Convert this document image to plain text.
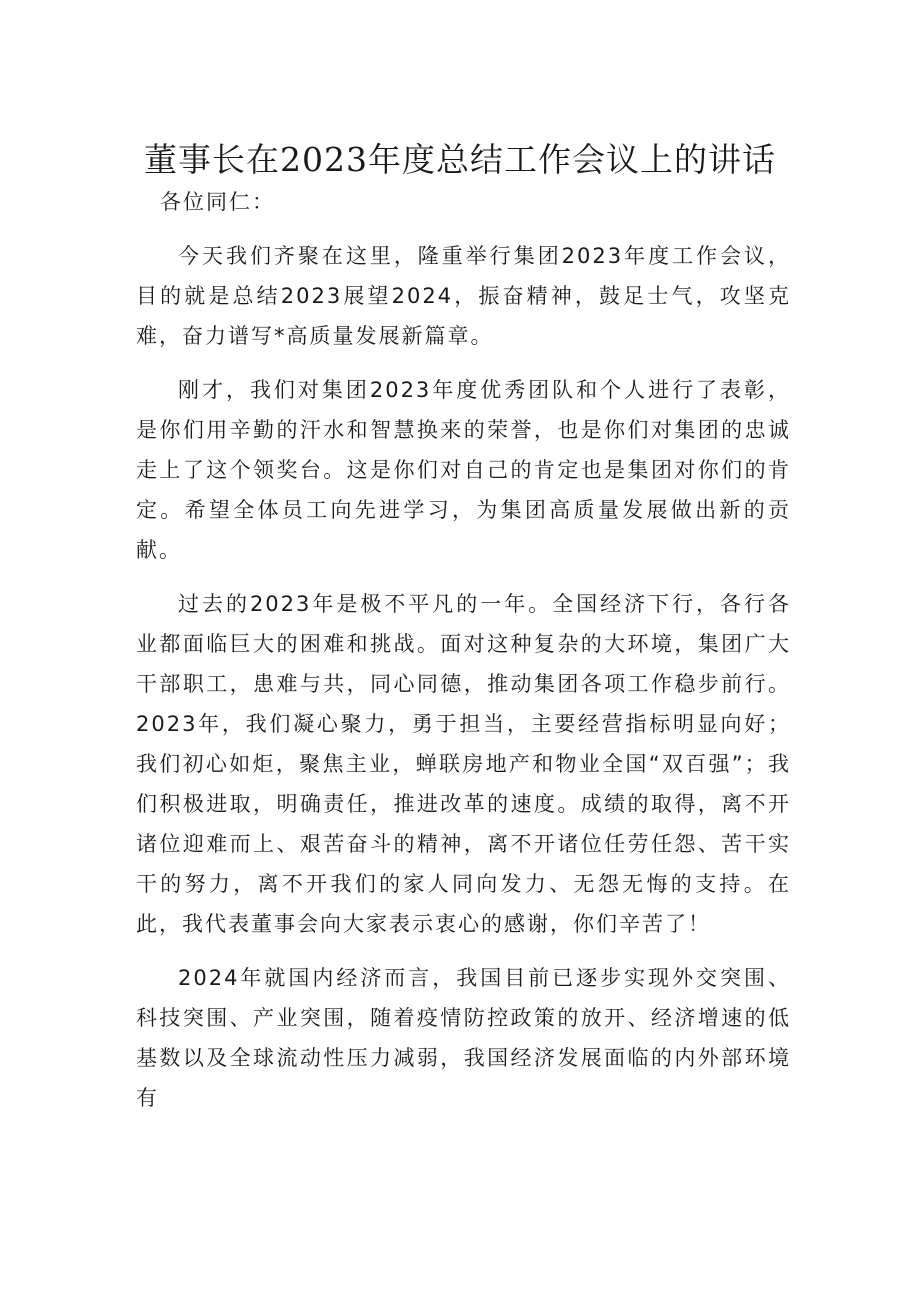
董事长在2023年度总结工作会议上的讲话

各位同仁：

今天我们齐聚在这里，隆重举行集团2023年度工作会议，目的就是总结2023展望2024，振奋精神，鼓足士气，攻坚克难，奋力谱写*高质量发展新篇章。

刚才，我们对集团2023年度优秀团队和个人进行了表彰，是你们用辛勤的汗水和智慧换来的荣誉，也是你们对集团的忠诚走上了这个领奖台。这是你们对自己的肯定也是集团对你们的肯定。希望全体员工向先进学习，为集团高质量发展做出新的贡献。

过去的2023年是极不平凡的一年。全国经济下行，各行各业都面临巨大的困难和挑战。面对这种复杂的大环境，集团广大干部职工，患难与共，同心同德，推动集团各项工作稳步前行。2023年，我们凝心聚力，勇于担当，主要经营指标明显向好；我们初心如炬，聚焦主业，蝉联房地产和物业全国“双百强”；我们积极进取，明确责任，推进改革的速度。成绩的取得，离不开诸位迎难而上、艰苦奋斗的精神，离不开诸位任劳任怨、苦干实干的努力，离不开我们的家人同向发力、无怨无悔的支持。在此，我代表董事会向大家表示衷心的感谢，你们辛苦了！

2024年就国内经济而言，我国目前已逐步实现外交突围、科技突围、产业突围，随着疫情防控政策的放开、经济增速的低基数以及全球流动性压力减弱，我国经济发展面临的内外部环境有
